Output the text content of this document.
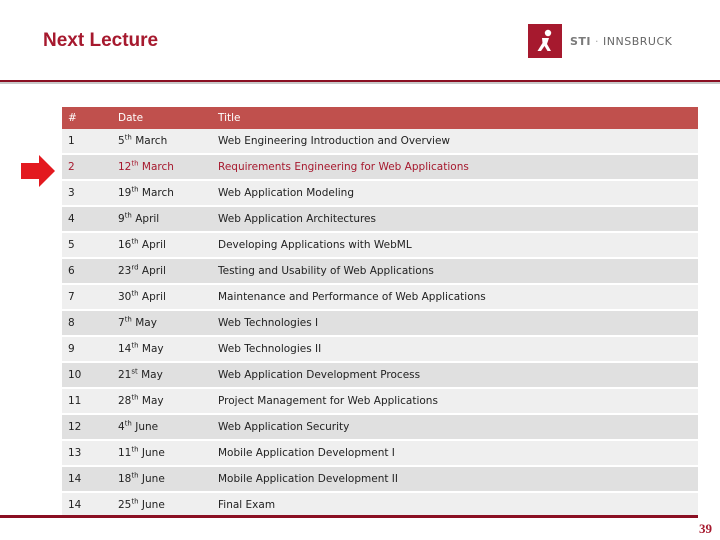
Next Lecture	STI · INNSBRUCK
#	Date	Title
1	5th March	Web Engineering Introduction and Overview
2	12th March	Requirements Engineering for Web Applications
3	19th March	Web Application Modeling
4	9th April	Web Application Architectures
5	16th April	Developing Applications with WebML
6	23rd April	Testing and Usability of Web Applications
7	30th April	Maintenance and Performance of Web Applications
8	7th May	Web Technologies I
9	14th May	Web Technologies II
10	21st May	Web Application Development Process
11	28th May	Project Management for Web Applications
12	4th June	Web Application Security
13	11th June	Mobile Application Development I
14	18th June	Mobile Application Development II
14	25th June	Final Exam
39
